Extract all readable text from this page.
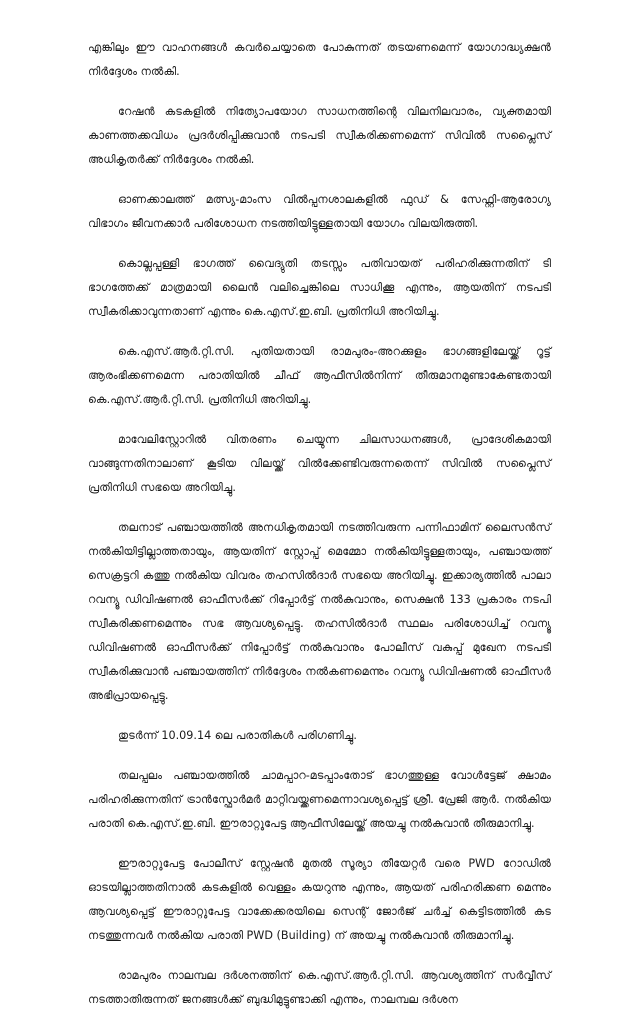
എങ്കിലും ഈ വാഹനങ്ങൾ കവർചെയ്യാതെ പോകുന്നത് തടയണമെന്ന് യോഗാദ്ധ്യക്ഷൻ നിർദ്ദേശം നൽകി.

റേഷൻ കടകളിൽ നിത്യോപയോഗ സാധനത്തിന്റെ വിലനിലവാരം, വ്യക്തമായി കാണത്തക്കവിധം പ്രദർശിപ്പിക്കുവാൻ നടപടി സ്വീകരിക്കണമെന്ന് സിവിൽ സപ്ലൈസ് അധികൃതർക്ക് നിർദ്ദേശം നൽകി.

ഓണക്കാലത്ത് മത്സ്യ-മാംസ വിൽപ്പനശാലകളിൽ ഫുഡ് & സേഫ്റ്റി-ആരോഗ്യ വിഭാഗം ജീവനക്കാർ പരിശോധന നടത്തിയിട്ടുള്ളതായി യോഗം വിലയിരുത്തി.

കൊല്ലപ്പള്ളി ഭാഗത്ത് വൈദ്യുതി തടസ്സം പതിവായത് പരിഹരിക്കുന്നതിന് ടി ഭാഗത്തേക്ക് മാത്രമായി ലൈൻ വലിച്ചെങ്കിലെ സാധിക്കൂ എന്നും, ആയതിന് നടപടി സ്വീകരിക്കാവുന്നതാണ് എന്നും കെ.എസ്.ഇ.ബി. പ്രതിനിധി അറിയിച്ചു.

കെ.എസ്.ആർ.റ്റി.സി. പുതിയതായി രാമപുരം-അറക്കുളം ഭാഗങ്ങളിലേയ്ക്ക് റൂട്ട് ആരംഭിക്കണമെന്ന പരാതിയിൽ ചീഫ് ആഫീസിൽനിന്ന് തീരുമാനമുണ്ടാകേണ്ടതായി കെ.എസ്.ആർ.റ്റി.സി. പ്രതിനിധി അറിയിച്ചു.

മാവേലിസ്റ്റോറിൽ വിതരണം ചെയ്യുന്ന ചിലസാധനങ്ങൾ, പ്രാദേശികമായി വാങ്ങുന്നതിനാലാണ് കൂടിയ വിലയ്ക്ക് വിൽക്കേണ്ടിവരുന്നതെന്ന് സിവിൽ സപ്ലൈസ് പ്രതിനിധി സഭയെ അറിയിച്ചു.

തലനാട് പഞ്ചായത്തിൽ അനധികൃതമായി നടത്തിവരുന്ന പന്നിഫാമിന് ലൈസൻസ് നൽകിയിട്ടില്ലാത്തതായും, ആയതിന് സ്റ്റോപ്പ് മെമ്മോ നൽകിയിട്ടുള്ളതായും, പഞ്ചായത്ത് സെക്രട്ടറി കത്തു നൽകിയ വിവരം തഹസിൽദാർ സഭയെ അറിയിച്ചു. ഇക്കാര്യത്തിൽ പാലാ റവന്യൂ ഡിവിഷണൽ ഓഫീസർക്ക് റിപ്പോർട്ട് നൽകുവാനും, സെക്ഷൻ 133 പ്രകാരം നടപി സ്വീകരിക്കണമെന്നും സഭ ആവശ്യപ്പെട്ടു. തഹസിൽദാർ സ്ഥലം പരിശോധിച്ച് റവന്യൂ ഡിവിഷണൽ ഓഫീസർക്ക് നിപ്പോർട്ട് നൽകുവാനും പോലീസ് വകുപ്പ് മുഖേന നടപടി സ്വീകരിക്കുവാൻ പഞ്ചായത്തിന് നിർദ്ദേശം നൽകണമെന്നും റവന്യൂ ഡിവിഷണൽ ഓഫീസർ അഭിപ്രായപ്പെട്ടു.

തുടർന്ന് 10.09.14 ലെ പരാതികൾ പരിഗണിച്ചു.

തലപ്പലം പഞ്ചായത്തിൽ ചാമപ്പാറ-മടപ്പാംതോട് ഭാഗത്തുള്ള വോൾട്ടേജ് ക്ഷാമം പരിഹരിക്കുന്നതിന് ട്രാൻസ്ഫോർമർ മാറ്റിവയ്ക്കണമെന്നാവശ്യപ്പെട്ട് ശ്രീ. പ്രേജി ആർ. നൽകിയ പരാതി കെ.എസ്.ഇ.ബി. ഈരാറ്റുപേട്ട ആഫീസിലേയ്ക്ക് അയച്ചു നൽകുവാൻ തീരുമാനിച്ചു.

ഈരാറ്റുപേട്ട പോലീസ് സ്റ്റേഷൻ മുതൽ സൂര്യാ തീയേറ്റർ വരെ PWD റോഡിൽ ഓടയില്ലാത്തതിനാൽ കടകളിൽ വെള്ളം കയറുന്നു എന്നും, ആയത് പരിഹരിക്കണ മെന്നും ആവശ്യപ്പെട്ട് ഈരാറ്റുപേട്ട വാക്കേക്കരയിലെ സെന്റ് ജോർജ് ചർച്ച് കെട്ടിടത്തിൽ കട നടത്തുന്നവർ നൽകിയ പരാതി PWD (Building) ന് അയച്ചു നൽകുവാൻ തീരുമാനിച്ചു.

രാമപുരം നാലമ്പല ദർശനത്തിന് കെ.എസ്.ആർ.റ്റി.സി. ആവശ്യത്തിന് സർവ്വീസ് നടത്താതിരുന്നത് ജനങ്ങൾക്ക് ബുദ്ധിമുട്ടുണ്ടാക്കി എന്നും, നാലമ്പല ദർശന
